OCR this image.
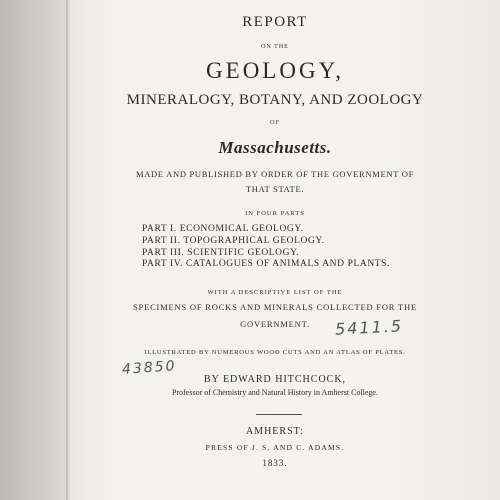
REPORT
ON THE
GEOLOGY,
MINERALOGY, BOTANY, AND ZOOLOGY
OF
Massachusetts.
MADE AND PUBLISHED BY ORDER OF THE GOVERNMENT OF
THAT STATE.
IN FOUR PARTS
PART I. ECONOMICAL GEOLOGY.
PART II. TOPOGRAPHICAL GEOLOGY.
PART III. SCIENTIFIC GEOLOGY.
PART IV. CATALOGUES OF ANIMALS AND PLANTS.
WITH A DESCRIPTIVE LIST OF THE
SPECIMENS OF ROCKS AND MINERALS COLLECTED FOR THE
GOVERNMENT.
ILLUSTRATED BY NUMEROUS WOOD CUTS AND AN ATLAS OF PLATES.
BY EDWARD HITCHCOCK,
Professor of Chemistry and Natural History in Amherst College.
AMHERST:
PRESS OF J. S. AND C. ADAMS.
1833.
5411.5
43850
